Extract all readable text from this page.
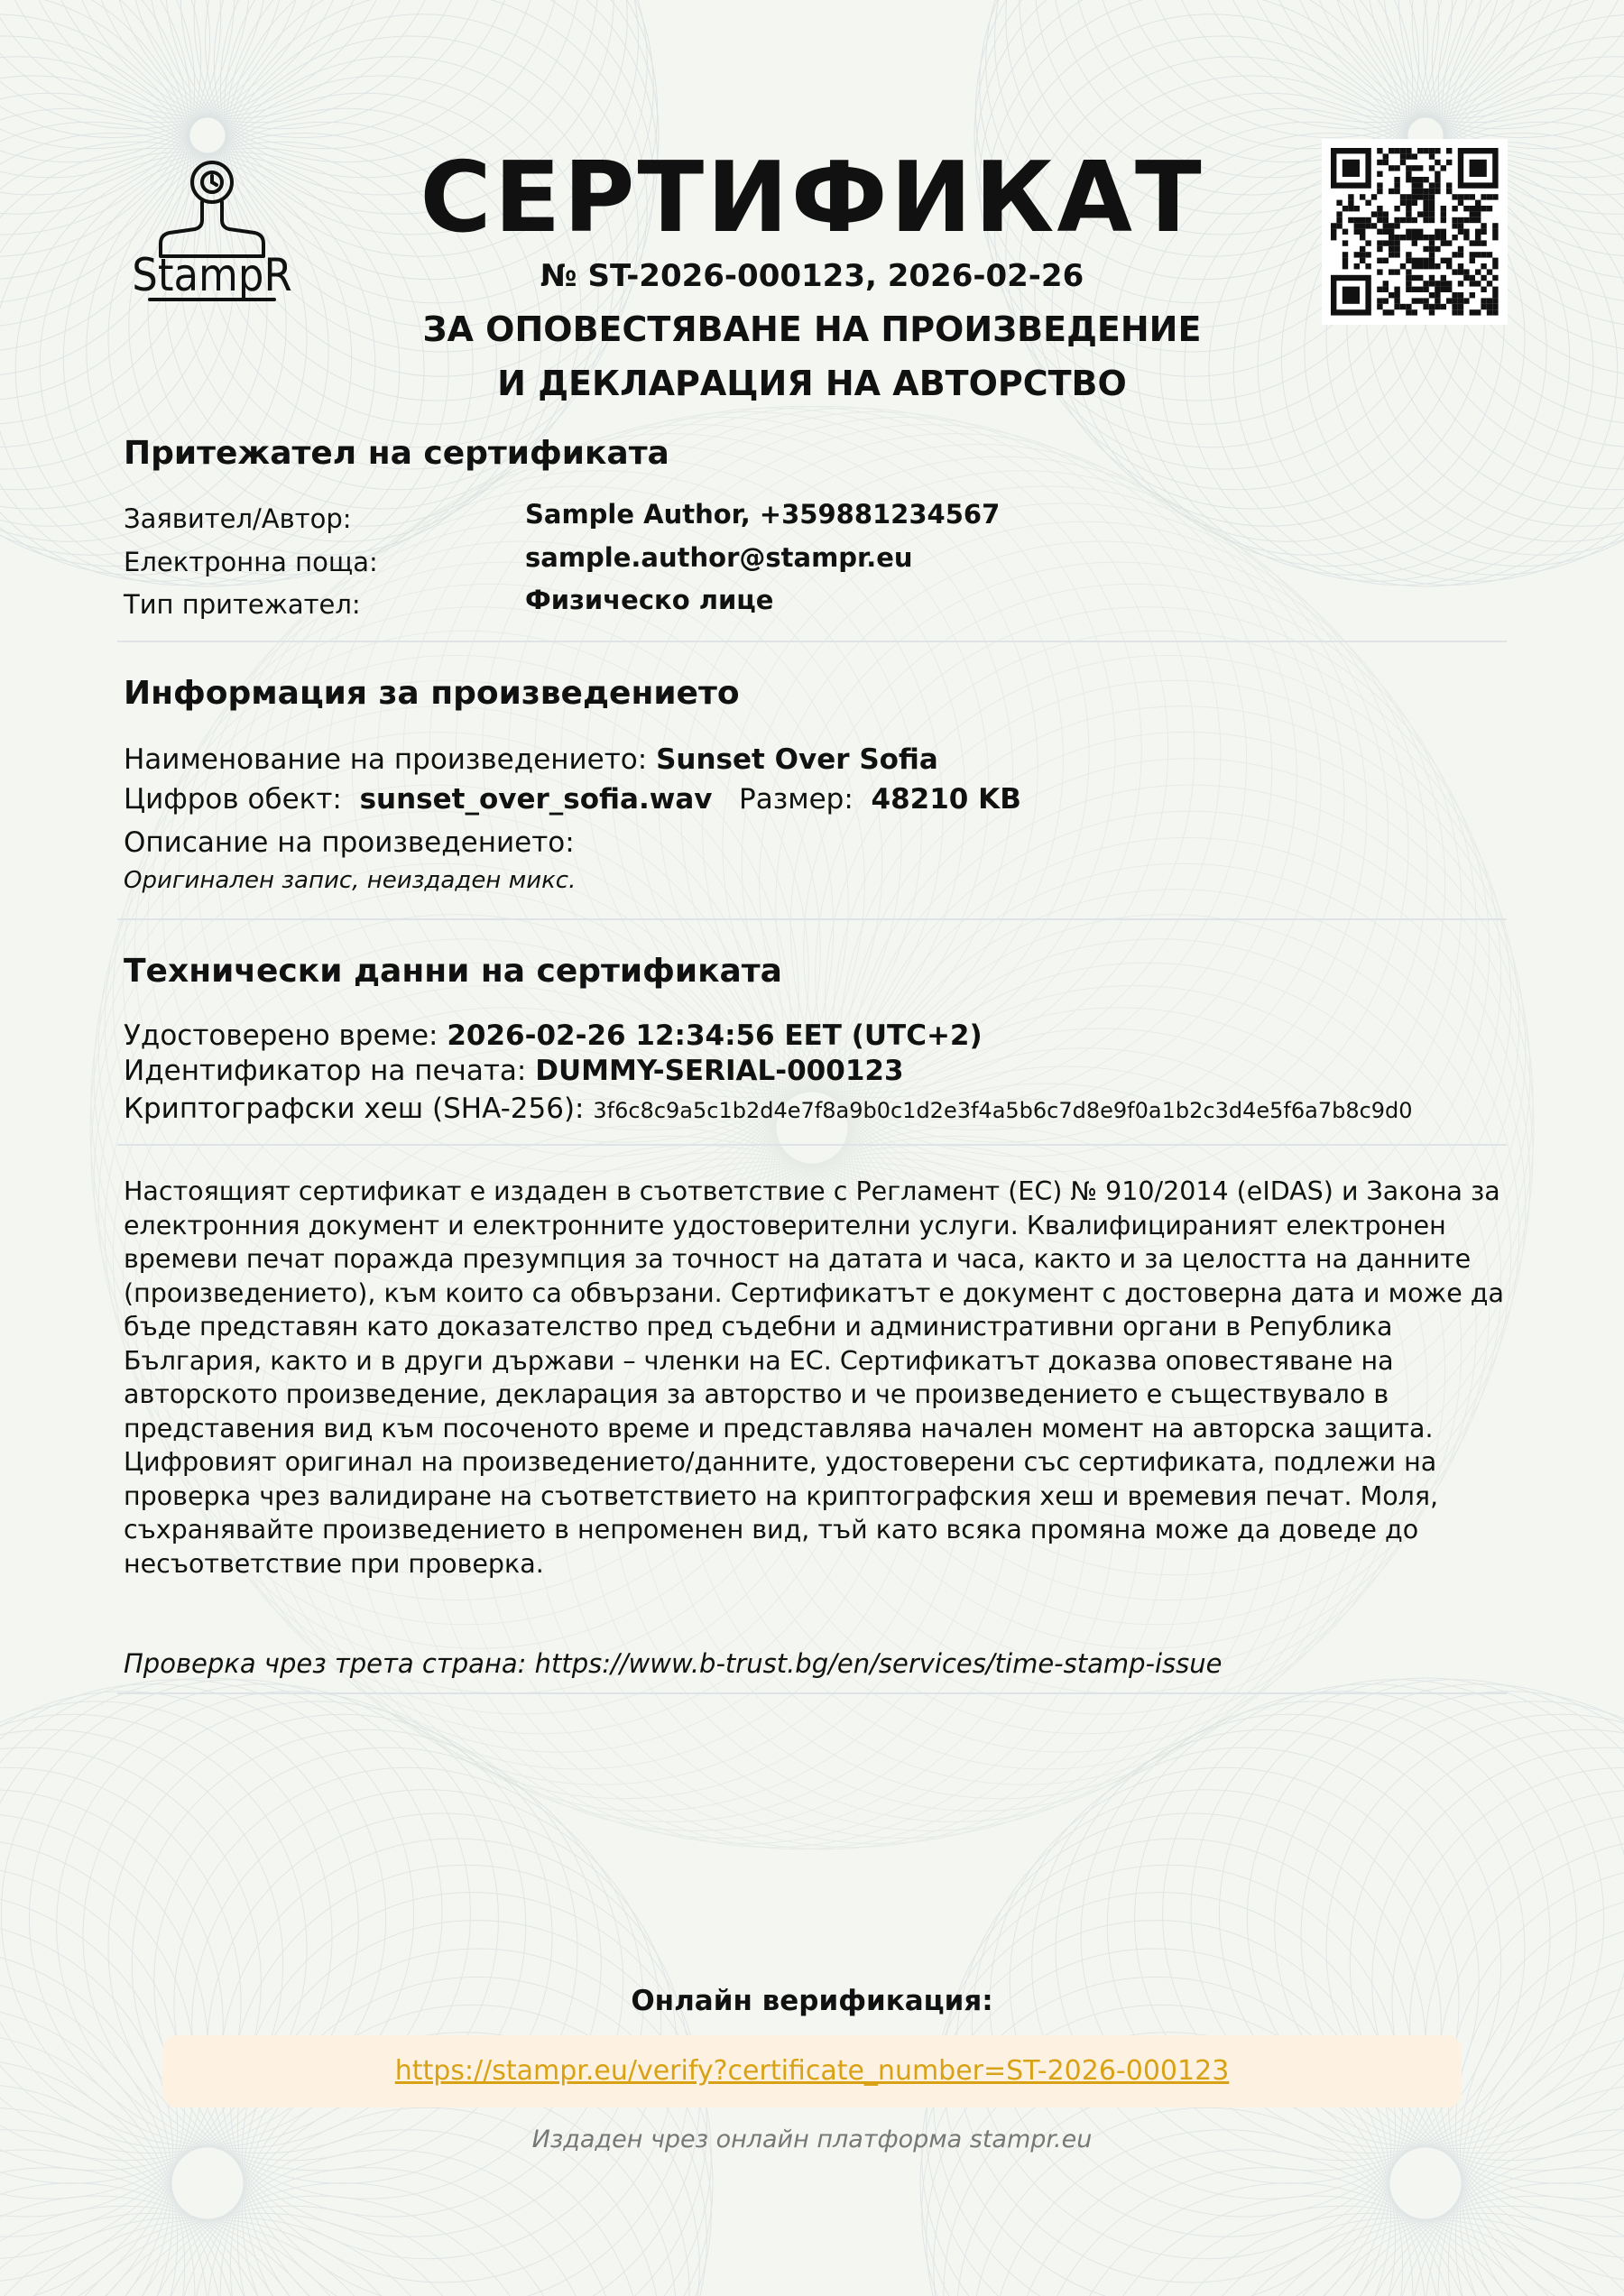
StampR
СЕРТИФИКАТ
№ ST-2026-000123, 2026-02-26
ЗА ОПОВЕСТЯВАНЕ НА ПРОИЗВЕДЕНИЕ
И ДЕКЛАРАЦИЯ НА АВТОРСТВО
Притежател на сертификата
Заявител/Автор:	Sample Author, +359881234567
Електронна поща:	sample.author@stampr.eu
Тип притежател:	Физическо лице
Информация за произведението
Наименование на произведението: Sunset Over Sofia
Цифров обект: sunset_over_sofia.wav Размер: 48210 KB
Описание на произведението:
Оригинален запис, неиздаден микс.
Технически данни на сертификата
Удостоверено време: 2026-02-26 12:34:56 EET (UTC+2)
Идентификатор на печата: DUMMY-SERIAL-000123
Криптографски хеш (SHA-256): 3f6c8c9a5c1b2d4e7f8a9b0c1d2e3f4a5b6c7d8e9f0a1b2c3d4e5f6a7b8c9d0

Настоящият сертификат е издаден в съответствие с Регламент (ЕС) № 910/2014 (eIDAS) и Закона за електронния документ и електронните удостоверителни услуги. Квалифицираният електронен времеви печат поражда презумпция за точност на датата и часа, както и за целостта на данните (произведението), към които са обвързани. Сертификатът е документ с достоверна дата и може да бъде представян като доказателство пред съдебни и административни органи в Република България, както и в други държави – членки на ЕС. Сертификатът доказва оповестяване на авторското произведение, декларация за авторство и че произведението е съществувало в представения вид към посоченото време и представлява начален момент на авторска защита.

Цифровият оригинал на произведението/данните, удостоверени със сертификата, подлежи на проверка чрез валидиране на съответствието на криптографския хеш и времевия печат. Моля, съхранявайте произведението в непроменен вид, тъй като всяка промяна може да доведе до несъответствие при проверка.

Проверка чрез трета страна: https://www.b-trust.bg/en/services/time-stamp-issue
Онлайн верификация:
https://stampr.eu/verify?certificate_number=ST-2026-000123
Издаден чрез онлайн платформа stampr.eu
